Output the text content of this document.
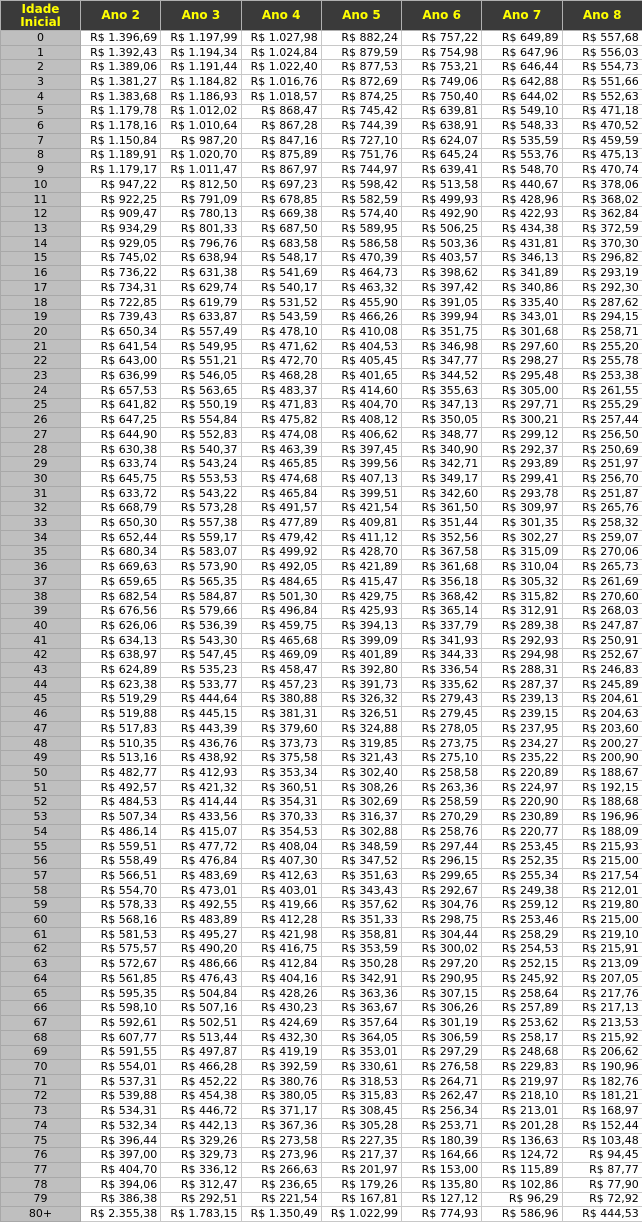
Idade Inicial	Ano 2	Ano 3	Ano 4	Ano 5	Ano 6	Ano 7	Ano 8
0	R$ 1.396,69	R$ 1.197,99	R$ 1.027,98	R$ 882,24	R$ 757,22	R$ 649,89	R$ 557,68
1	R$ 1.392,43	R$ 1.194,34	R$ 1.024,84	R$ 879,59	R$ 754,98	R$ 647,96	R$ 556,03
2	R$ 1.389,06	R$ 1.191,44	R$ 1.022,40	R$ 877,53	R$ 753,21	R$ 646,44	R$ 554,73
3	R$ 1.381,27	R$ 1.184,82	R$ 1.016,76	R$ 872,69	R$ 749,06	R$ 642,88	R$ 551,66
4	R$ 1.383,68	R$ 1.186,93	R$ 1.018,57	R$ 874,25	R$ 750,40	R$ 644,02	R$ 552,63
5	R$ 1.179,78	R$ 1.012,02	R$ 868,47	R$ 745,42	R$ 639,81	R$ 549,10	R$ 471,18
6	R$ 1.178,16	R$ 1.010,64	R$ 867,28	R$ 744,39	R$ 638,91	R$ 548,33	R$ 470,52
7	R$ 1.150,84	R$ 987,20	R$ 847,16	R$ 727,10	R$ 624,07	R$ 535,59	R$ 459,59
8	R$ 1.189,91	R$ 1.020,70	R$ 875,89	R$ 751,76	R$ 645,24	R$ 553,76	R$ 475,13
9	R$ 1.179,17	R$ 1.011,47	R$ 867,97	R$ 744,97	R$ 639,41	R$ 548,70	R$ 470,74
10	R$ 947,22	R$ 812,50	R$ 697,23	R$ 598,42	R$ 513,58	R$ 440,67	R$ 378,06
11	R$ 922,25	R$ 791,09	R$ 678,85	R$ 582,59	R$ 499,93	R$ 428,96	R$ 368,02
12	R$ 909,47	R$ 780,13	R$ 669,38	R$ 574,40	R$ 492,90	R$ 422,93	R$ 362,84
13	R$ 934,29	R$ 801,33	R$ 687,50	R$ 589,95	R$ 506,25	R$ 434,38	R$ 372,59
14	R$ 929,05	R$ 796,76	R$ 683,58	R$ 586,58	R$ 503,36	R$ 431,81	R$ 370,30
15	R$ 745,02	R$ 638,94	R$ 548,17	R$ 470,39	R$ 403,57	R$ 346,13	R$ 296,82
16	R$ 736,22	R$ 631,38	R$ 541,69	R$ 464,73	R$ 398,62	R$ 341,89	R$ 293,19
17	R$ 734,31	R$ 629,74	R$ 540,17	R$ 463,32	R$ 397,42	R$ 340,86	R$ 292,30
18	R$ 722,85	R$ 619,79	R$ 531,52	R$ 455,90	R$ 391,05	R$ 335,40	R$ 287,62
19	R$ 739,43	R$ 633,87	R$ 543,59	R$ 466,26	R$ 399,94	R$ 343,01	R$ 294,15
20	R$ 650,34	R$ 557,49	R$ 478,10	R$ 410,08	R$ 351,75	R$ 301,68	R$ 258,71
21	R$ 641,54	R$ 549,95	R$ 471,62	R$ 404,53	R$ 346,98	R$ 297,60	R$ 255,20
22	R$ 643,00	R$ 551,21	R$ 472,70	R$ 405,45	R$ 347,77	R$ 298,27	R$ 255,78
23	R$ 636,99	R$ 546,05	R$ 468,28	R$ 401,65	R$ 344,52	R$ 295,48	R$ 253,38
24	R$ 657,53	R$ 563,65	R$ 483,37	R$ 414,60	R$ 355,63	R$ 305,00	R$ 261,55
25	R$ 641,82	R$ 550,19	R$ 471,83	R$ 404,70	R$ 347,13	R$ 297,71	R$ 255,29
26	R$ 647,25	R$ 554,84	R$ 475,82	R$ 408,12	R$ 350,05	R$ 300,21	R$ 257,44
27	R$ 644,90	R$ 552,83	R$ 474,08	R$ 406,62	R$ 348,77	R$ 299,12	R$ 256,50
28	R$ 630,38	R$ 540,37	R$ 463,39	R$ 397,45	R$ 340,90	R$ 292,37	R$ 250,69
29	R$ 633,74	R$ 543,24	R$ 465,85	R$ 399,56	R$ 342,71	R$ 293,89	R$ 251,97
30	R$ 645,75	R$ 553,53	R$ 474,68	R$ 407,13	R$ 349,17	R$ 299,41	R$ 256,70
31	R$ 633,72	R$ 543,22	R$ 465,84	R$ 399,51	R$ 342,60	R$ 293,78	R$ 251,87
32	R$ 668,79	R$ 573,28	R$ 491,57	R$ 421,54	R$ 361,50	R$ 309,97	R$ 265,76
33	R$ 650,30	R$ 557,38	R$ 477,89	R$ 409,81	R$ 351,44	R$ 301,35	R$ 258,32
34	R$ 652,44	R$ 559,17	R$ 479,42	R$ 411,12	R$ 352,56	R$ 302,27	R$ 259,07
35	R$ 680,34	R$ 583,07	R$ 499,92	R$ 428,70	R$ 367,58	R$ 315,09	R$ 270,06
36	R$ 669,63	R$ 573,90	R$ 492,05	R$ 421,89	R$ 361,68	R$ 310,04	R$ 265,73
37	R$ 659,65	R$ 565,35	R$ 484,65	R$ 415,47	R$ 356,18	R$ 305,32	R$ 261,69
38	R$ 682,54	R$ 584,87	R$ 501,30	R$ 429,75	R$ 368,42	R$ 315,82	R$ 270,60
39	R$ 676,56	R$ 579,66	R$ 496,84	R$ 425,93	R$ 365,14	R$ 312,91	R$ 268,03
40	R$ 626,06	R$ 536,39	R$ 459,75	R$ 394,13	R$ 337,79	R$ 289,38	R$ 247,87
41	R$ 634,13	R$ 543,30	R$ 465,68	R$ 399,09	R$ 341,93	R$ 292,93	R$ 250,91
42	R$ 638,97	R$ 547,45	R$ 469,09	R$ 401,89	R$ 344,33	R$ 294,98	R$ 252,67
43	R$ 624,89	R$ 535,23	R$ 458,47	R$ 392,80	R$ 336,54	R$ 288,31	R$ 246,83
44	R$ 623,38	R$ 533,77	R$ 457,23	R$ 391,73	R$ 335,62	R$ 287,37	R$ 245,89
45	R$ 519,29	R$ 444,64	R$ 380,88	R$ 326,32	R$ 279,43	R$ 239,13	R$ 204,61
46	R$ 519,88	R$ 445,15	R$ 381,31	R$ 326,51	R$ 279,45	R$ 239,15	R$ 204,63
47	R$ 517,83	R$ 443,39	R$ 379,60	R$ 324,88	R$ 278,05	R$ 237,95	R$ 203,60
48	R$ 510,35	R$ 436,76	R$ 373,73	R$ 319,85	R$ 273,75	R$ 234,27	R$ 200,27
49	R$ 513,16	R$ 438,92	R$ 375,58	R$ 321,43	R$ 275,10	R$ 235,22	R$ 200,90
50	R$ 482,77	R$ 412,93	R$ 353,34	R$ 302,40	R$ 258,58	R$ 220,89	R$ 188,67
51	R$ 492,57	R$ 421,32	R$ 360,51	R$ 308,26	R$ 263,36	R$ 224,97	R$ 192,15
52	R$ 484,53	R$ 414,44	R$ 354,31	R$ 302,69	R$ 258,59	R$ 220,90	R$ 188,68
53	R$ 507,34	R$ 433,56	R$ 370,33	R$ 316,37	R$ 270,29	R$ 230,89	R$ 196,96
54	R$ 486,14	R$ 415,07	R$ 354,53	R$ 302,88	R$ 258,76	R$ 220,77	R$ 188,09
55	R$ 559,51	R$ 477,72	R$ 408,04	R$ 348,59	R$ 297,44	R$ 253,45	R$ 215,93
56	R$ 558,49	R$ 476,84	R$ 407,30	R$ 347,52	R$ 296,15	R$ 252,35	R$ 215,00
57	R$ 566,51	R$ 483,69	R$ 412,63	R$ 351,63	R$ 299,65	R$ 255,34	R$ 217,54
58	R$ 554,70	R$ 473,01	R$ 403,01	R$ 343,43	R$ 292,67	R$ 249,38	R$ 212,01
59	R$ 578,33	R$ 492,55	R$ 419,66	R$ 357,62	R$ 304,76	R$ 259,12	R$ 219,80
60	R$ 568,16	R$ 483,89	R$ 412,28	R$ 351,33	R$ 298,75	R$ 253,46	R$ 215,00
61	R$ 581,53	R$ 495,27	R$ 421,98	R$ 358,81	R$ 304,44	R$ 258,29	R$ 219,10
62	R$ 575,57	R$ 490,20	R$ 416,75	R$ 353,59	R$ 300,02	R$ 254,53	R$ 215,91
63	R$ 572,67	R$ 486,66	R$ 412,84	R$ 350,28	R$ 297,20	R$ 252,15	R$ 213,09
64	R$ 561,85	R$ 476,43	R$ 404,16	R$ 342,91	R$ 290,95	R$ 245,92	R$ 207,05
65	R$ 595,35	R$ 504,84	R$ 428,26	R$ 363,36	R$ 307,15	R$ 258,64	R$ 217,76
66	R$ 598,10	R$ 507,16	R$ 430,23	R$ 363,67	R$ 306,26	R$ 257,89	R$ 217,13
67	R$ 592,61	R$ 502,51	R$ 424,69	R$ 357,64	R$ 301,19	R$ 253,62	R$ 213,53
68	R$ 607,77	R$ 513,44	R$ 432,30	R$ 364,05	R$ 306,59	R$ 258,17	R$ 215,92
69	R$ 591,55	R$ 497,87	R$ 419,19	R$ 353,01	R$ 297,29	R$ 248,68	R$ 206,62
70	R$ 554,01	R$ 466,28	R$ 392,59	R$ 330,61	R$ 276,58	R$ 229,83	R$ 190,96
71	R$ 537,31	R$ 452,22	R$ 380,76	R$ 318,53	R$ 264,71	R$ 219,97	R$ 182,76
72	R$ 539,88	R$ 454,38	R$ 380,05	R$ 315,83	R$ 262,47	R$ 218,10	R$ 181,21
73	R$ 534,31	R$ 446,72	R$ 371,17	R$ 308,45	R$ 256,34	R$ 213,01	R$ 168,97
74	R$ 532,34	R$ 442,13	R$ 367,36	R$ 305,28	R$ 253,71	R$ 201,28	R$ 152,44
75	R$ 396,44	R$ 329,26	R$ 273,58	R$ 227,35	R$ 180,39	R$ 136,63	R$ 103,48
76	R$ 397,00	R$ 329,73	R$ 273,96	R$ 217,37	R$ 164,66	R$ 124,72	R$ 94,45
77	R$ 404,70	R$ 336,12	R$ 266,63	R$ 201,97	R$ 153,00	R$ 115,89	R$ 87,77
78	R$ 394,06	R$ 312,47	R$ 236,65	R$ 179,26	R$ 135,80	R$ 102,86	R$ 77,90
79	R$ 386,38	R$ 292,51	R$ 221,54	R$ 167,81	R$ 127,12	R$ 96,29	R$ 72,92
80+	R$ 2.355,38	R$ 1.783,15	R$ 1.350,49	R$ 1.022,99	R$ 774,93	R$ 586,96	R$ 444,53
